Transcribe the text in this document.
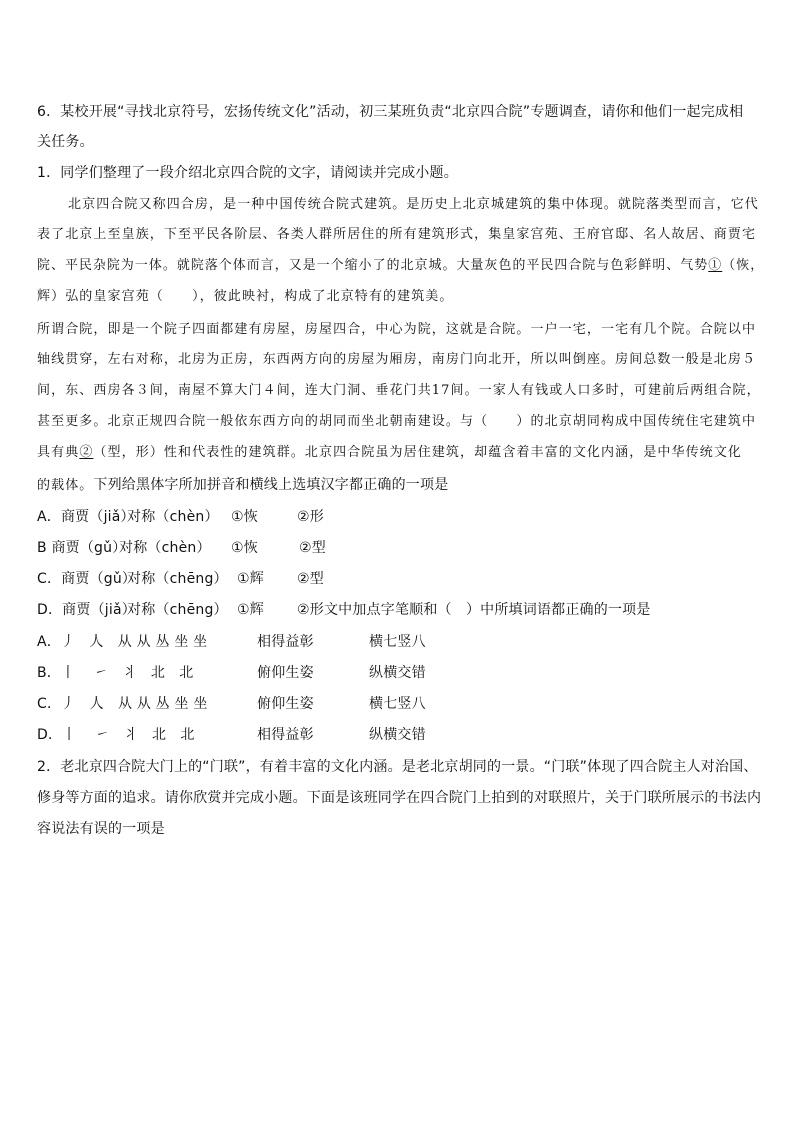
6．某校开展“寻找北京符号，宏扬传统文化”活动，初三某班负责“北京四合院”专题调查，请你和他们一起完成相
关任务。
1．同学们整理了一段介绍北京四合院的文字，请阅读并完成小题。
北京四合院又称四合房，是一种中国传统合院式建筑。是历史上北京城建筑的集中体现。就院落类型而言，它代
表了北京上至皇族，下至平民各阶层、各类人群所居住的所有建筑形式，集皇家宫苑、王府官邸、名人故居、商贾宅
院、平民杂院为一体。就院落个体而言，又是一个缩小了的北京城。大量灰色的平民四合院与色彩鲜明、气势①（恢，
辉）弘的皇家宫苑（　　），彼此映衬，构成了北京特有的建筑美。
所谓合院，即是一个院子四面都建有房屋，房屋四合，中心为院，这就是合院。一户一宅，一宅有几个院。合院以中
轴线贯穿，左右对称，北房为正房，东西两方向的房屋为厢房，南房门向北开，所以叫倒座。房间总数一般是北房５
间，东、西房各３间，南屋不算大门４间，连大门洞、垂花门共17间。一家人有钱或人口多时，可建前后两组合院，
甚至更多。北京正规四合院一般依东西方向的胡同而坐北朝南建设。与（　　）的北京胡同构成中国传统住宅建筑中
具有典②（型，形）性和代表性的建筑群。北京四合院虽为居住建筑，却蕴含着丰富的文化内涵，是中华传统文化
的载体。下列给黑体字所加拼音和横线上选填汉字都正确的一项是
A．商贾（jiǎ）对称（chèn） ①恢	②形
B 商贾（gǔ）对称（chèn） ①恢	②型
C．商贾（gǔ）对称（chēng） ①辉 ②型
D．商贾（jiǎ）对称（chēng） ①辉 ②形文中加点字笔顺和（　）中所填词语都正确的一项是
A．丿　人　从 从 丛 坐 坐	相得益彰	横七竖八
B．丨　 ㇀　丬　北　北	俯仰生姿	纵横交错
C．丿　人　从 从 丛 坐 坐	俯仰生姿	横七竖八
D．丨　 ㇀　丬　北　北	相得益彰	纵横交错
2．老北京四合院大门上的“门联”，有着丰富的文化内涵。是老北京胡同的一景。“门联”体现了四合院主人对治国、
修身等方面的追求。请你欣赏并完成小题。下面是该班同学在四合院门上拍到的对联照片，关于门联所展示的书法内
容说法有误的一项是
